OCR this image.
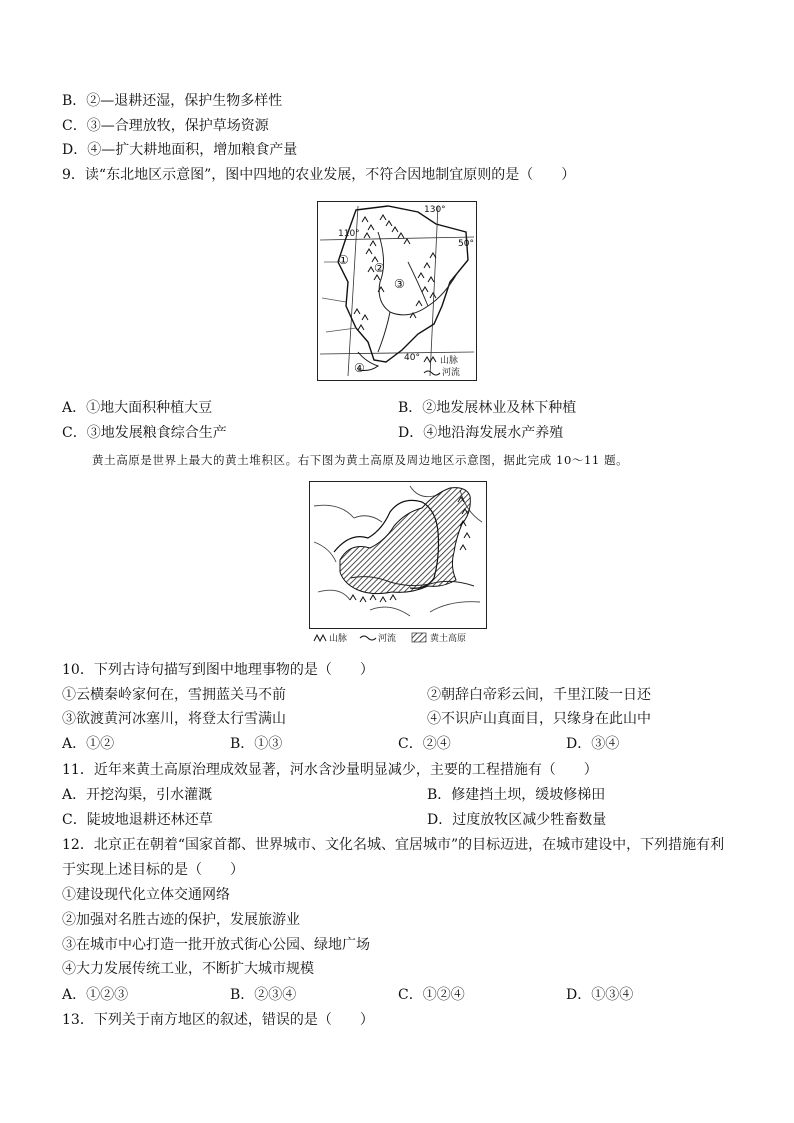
B．②—退耕还湿，保护生物多样性
C．③—合理放牧，保护草场资源
D．④—扩大耕地面积，增加粮食产量
9．读“东北地区示意图”，图中四地的农业发展，不符合因地制宜原则的是（　　）
110°
130°
50°
40°
①
②
③
④	山脉
河流
A．①地大面积种植大豆	B．②地发展林业及林下种植
C．③地发展粮食综合生产	D．④地沿海发展水产养殖
黄土高原是世界上最大的黄土堆积区。右下图为黄土高原及周边地区示意图，据此完成 10～11 题。
山脉	河流	黄土高原
10．下列古诗句描写到图中地理事物的是（　　）
①云横秦岭家何在，雪拥蓝关马不前	②朝辞白帝彩云间，千里江陵一日还
③欲渡黄河冰塞川，将登太行雪满山	④不识庐山真面目，只缘身在此山中
A．①②	B．①③	C．②④	D．③④
11．近年来黄土高原治理成效显著，河水含沙量明显减少，主要的工程措施有（　　）
A．开挖沟渠，引水灌溉	B．修建挡土坝，缓坡修梯田
C．陡坡地退耕还林还草	D．过度放牧区减少牲畜数量
12．北京正在朝着“国家首都、世界城市、文化名城、宜居城市”的目标迈进，在城市建设中，下列措施有利
于实现上述目标的是（　　）
①建设现代化立体交通网络
②加强对名胜古迹的保护，发展旅游业
③在城市中心打造一批开放式街心公园、绿地广场
④大力发展传统工业，不断扩大城市规模
A．①②③	B．②③④	C．①②④	D．①③④
13．下列关于南方地区的叙述，错误的是（　　）
